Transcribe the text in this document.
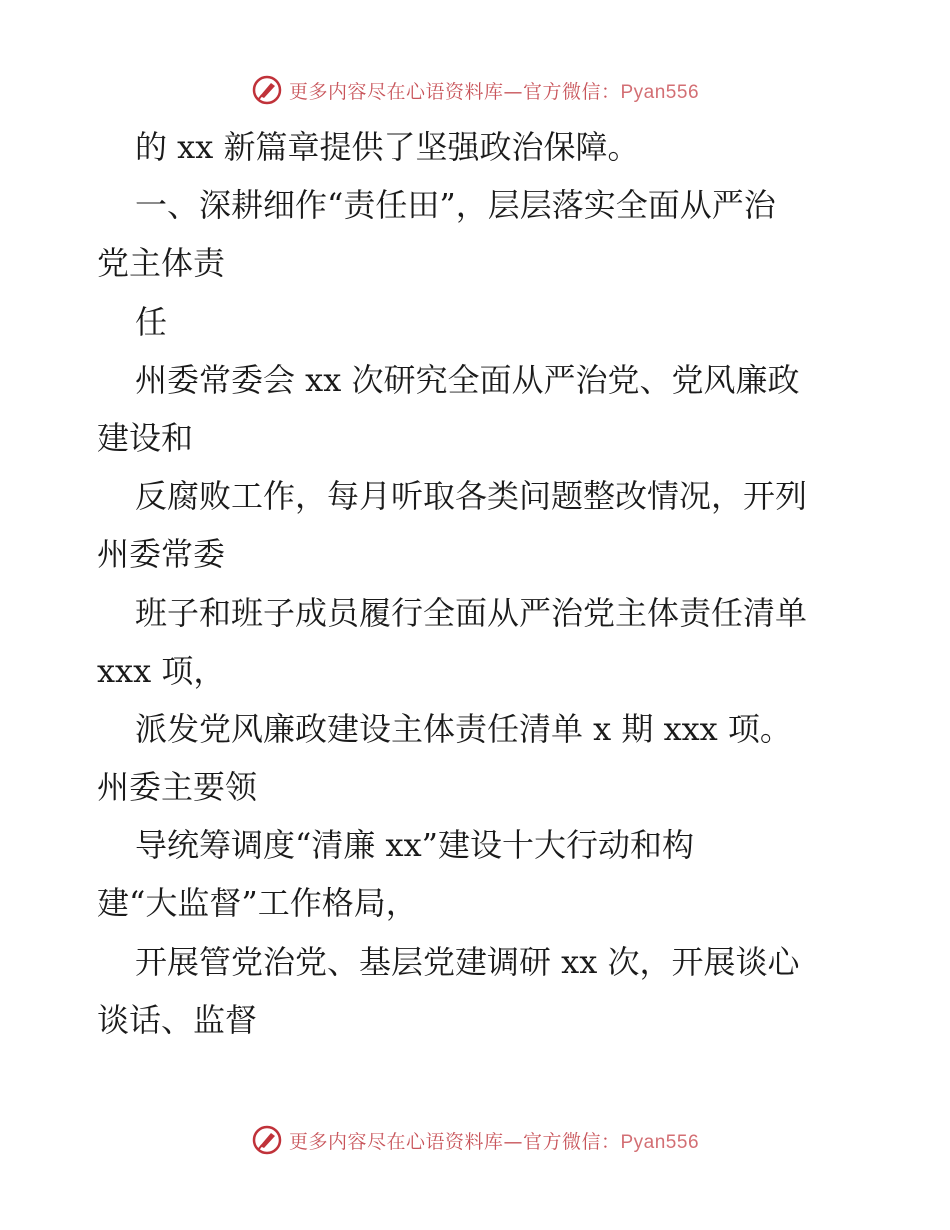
更多内容尽在心语资料库—官方微信：Pyan556
的 xx 新篇章提供了坚强政治保障。
一、深耕细作“责任田”，层层落实全面从严治
党主体责
任
州委常委会 xx 次研究全面从严治党、党风廉政
建设和
反腐败工作，每月听取各类问题整改情况，开列
州委常委
班子和班子成员履行全面从严治党主体责任清单
xxx 项，
派发党风廉政建设主体责任清单 x 期 xxx 项。
州委主要领
导统筹调度“清廉 xx”建设十大行动和构
建“大监督”工作格局，
开展管党治党、基层党建调研 xx 次，开展谈心
谈话、监督
更多内容尽在心语资料库—官方微信：Pyan556
